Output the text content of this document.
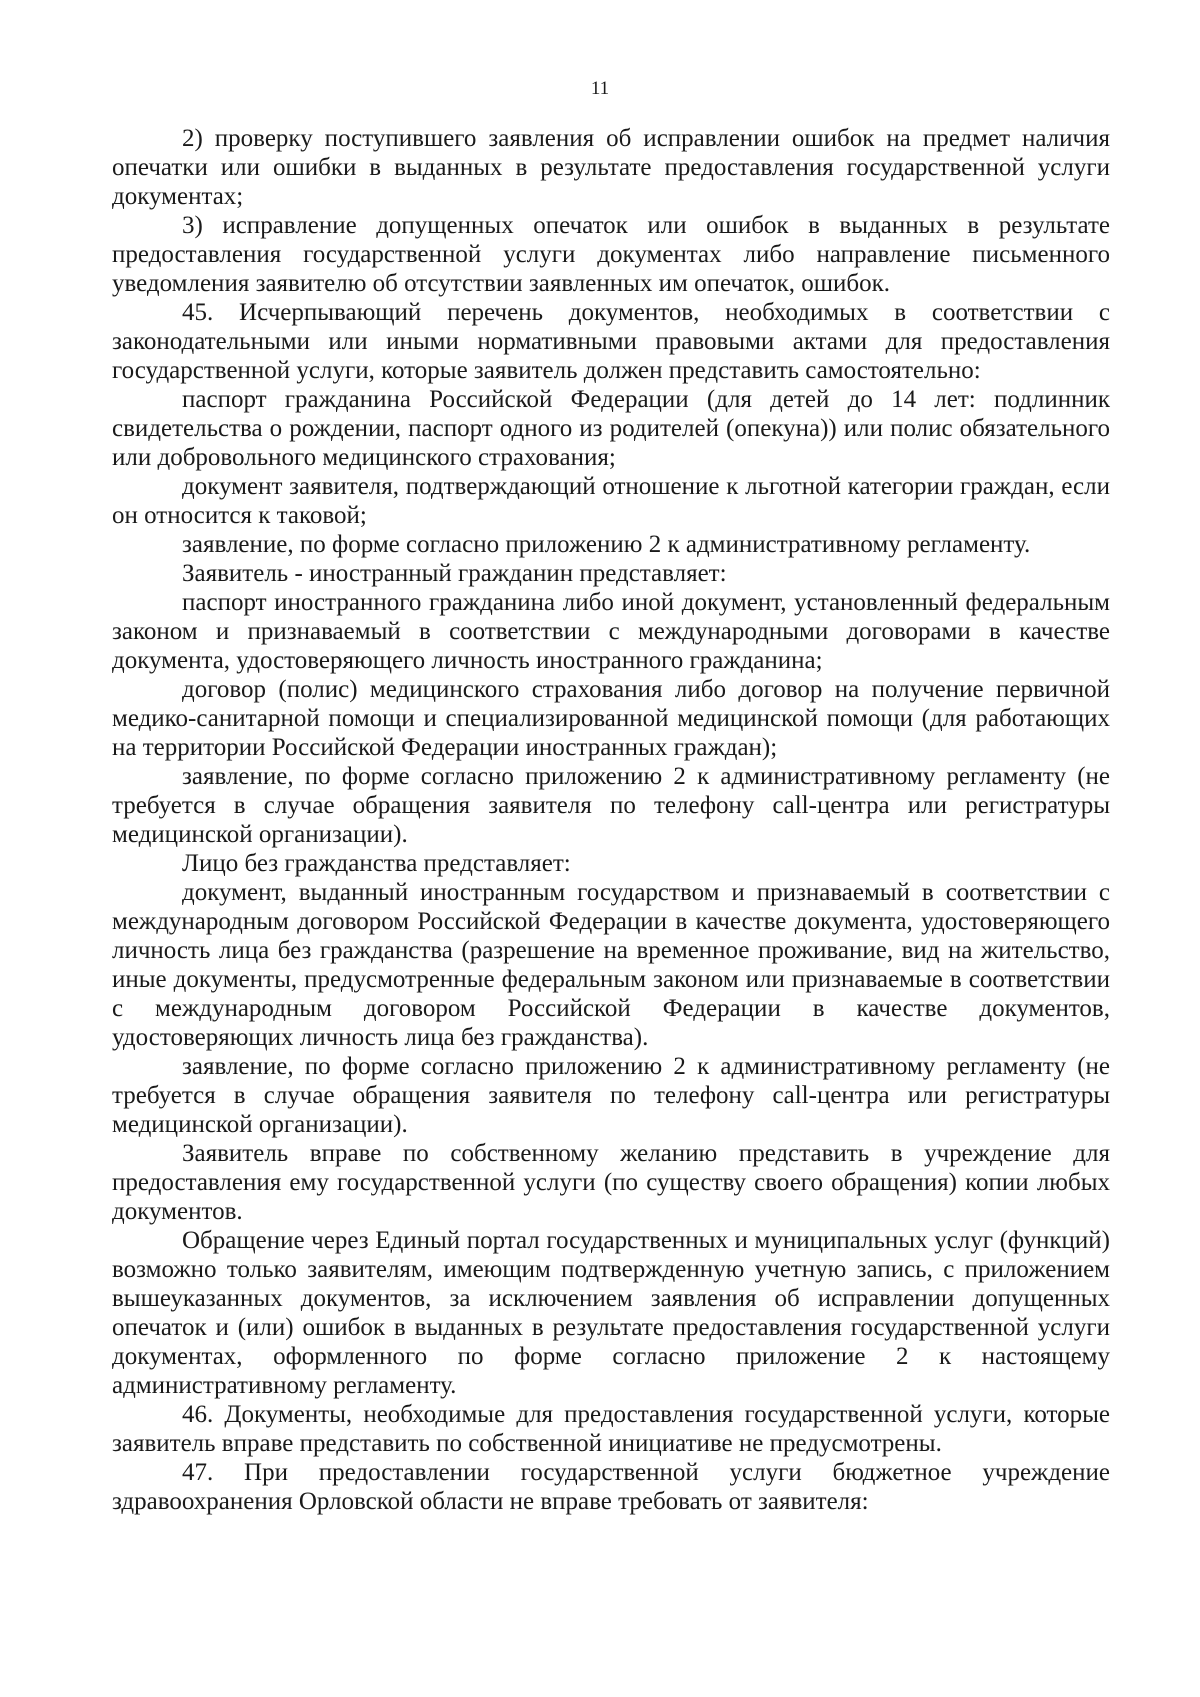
11

2) проверку поступившего заявления об исправлении ошибок на предмет наличия опечатки или ошибки в выданных в результате предоставления государственной услуги документах;

3) исправление допущенных опечаток или ошибок в выданных в результате предоставления государственной услуги документах либо направление письменного уведомления заявителю об отсутствии заявленных им опечаток, ошибок.

45. Исчерпывающий перечень документов, необходимых в соответствии с законодательными или иными нормативными правовыми актами для предоставления государственной услуги, которые заявитель должен представить самостоятельно:

паспорт гражданина Российской Федерации (для детей до 14 лет: подлинник свидетельства о рождении, паспорт одного из родителей (опекуна)) или полис обязательного или добровольного медицинского страхования;

документ заявителя, подтверждающий отношение к льготной категории граждан, если он относится к таковой;

заявление, по форме согласно приложению 2 к административному регламенту.

Заявитель - иностранный гражданин представляет:

паспорт иностранного гражданина либо иной документ, установленный федеральным законом и признаваемый в соответствии с международными договорами в качестве документа, удостоверяющего личность иностранного гражданина;

договор (полис) медицинского страхования либо договор на получение первичной медико-санитарной помощи и специализированной медицинской помощи (для работающих на территории Российской Федерации иностранных граждан);

заявление, по форме согласно приложению 2 к административному регламенту (не требуется в случае обращения заявителя по телефону call-центра или регистратуры медицинской организации).

Лицо без гражданства представляет:

документ, выданный иностранным государством и признаваемый в соответствии с международным договором Российской Федерации в качестве документа, удостоверяющего личность лица без гражданства (разрешение на временное проживание, вид на жительство, иные документы, предусмотренные федеральным законом или признаваемые в соответствии с международным договором Российской Федерации в качестве документов, удостоверяющих личность лица без гражданства).

заявление, по форме согласно приложению 2 к административному регламенту (не требуется в случае обращения заявителя по телефону call-центра или регистратуры медицинской организации).

Заявитель вправе по собственному желанию представить в учреждение для предоставления ему государственной услуги (по существу своего обращения) копии любых документов.

Обращение через Единый портал государственных и муниципальных услуг (функций) возможно только заявителям, имеющим подтвержденную учетную запись, с приложением вышеуказанных документов, за исключением заявления об исправлении допущенных опечаток и (или) ошибок в выданных в результате предоставления государственной услуги документах, оформленного по форме согласно приложение 2 к настоящему административному регламенту.

46. Документы, необходимые для предоставления государственной услуги, которые заявитель вправе представить по собственной инициативе не предусмотрены.

47. При предоставлении государственной услуги бюджетное учреждение здравоохранения Орловской области не вправе требовать от заявителя:
